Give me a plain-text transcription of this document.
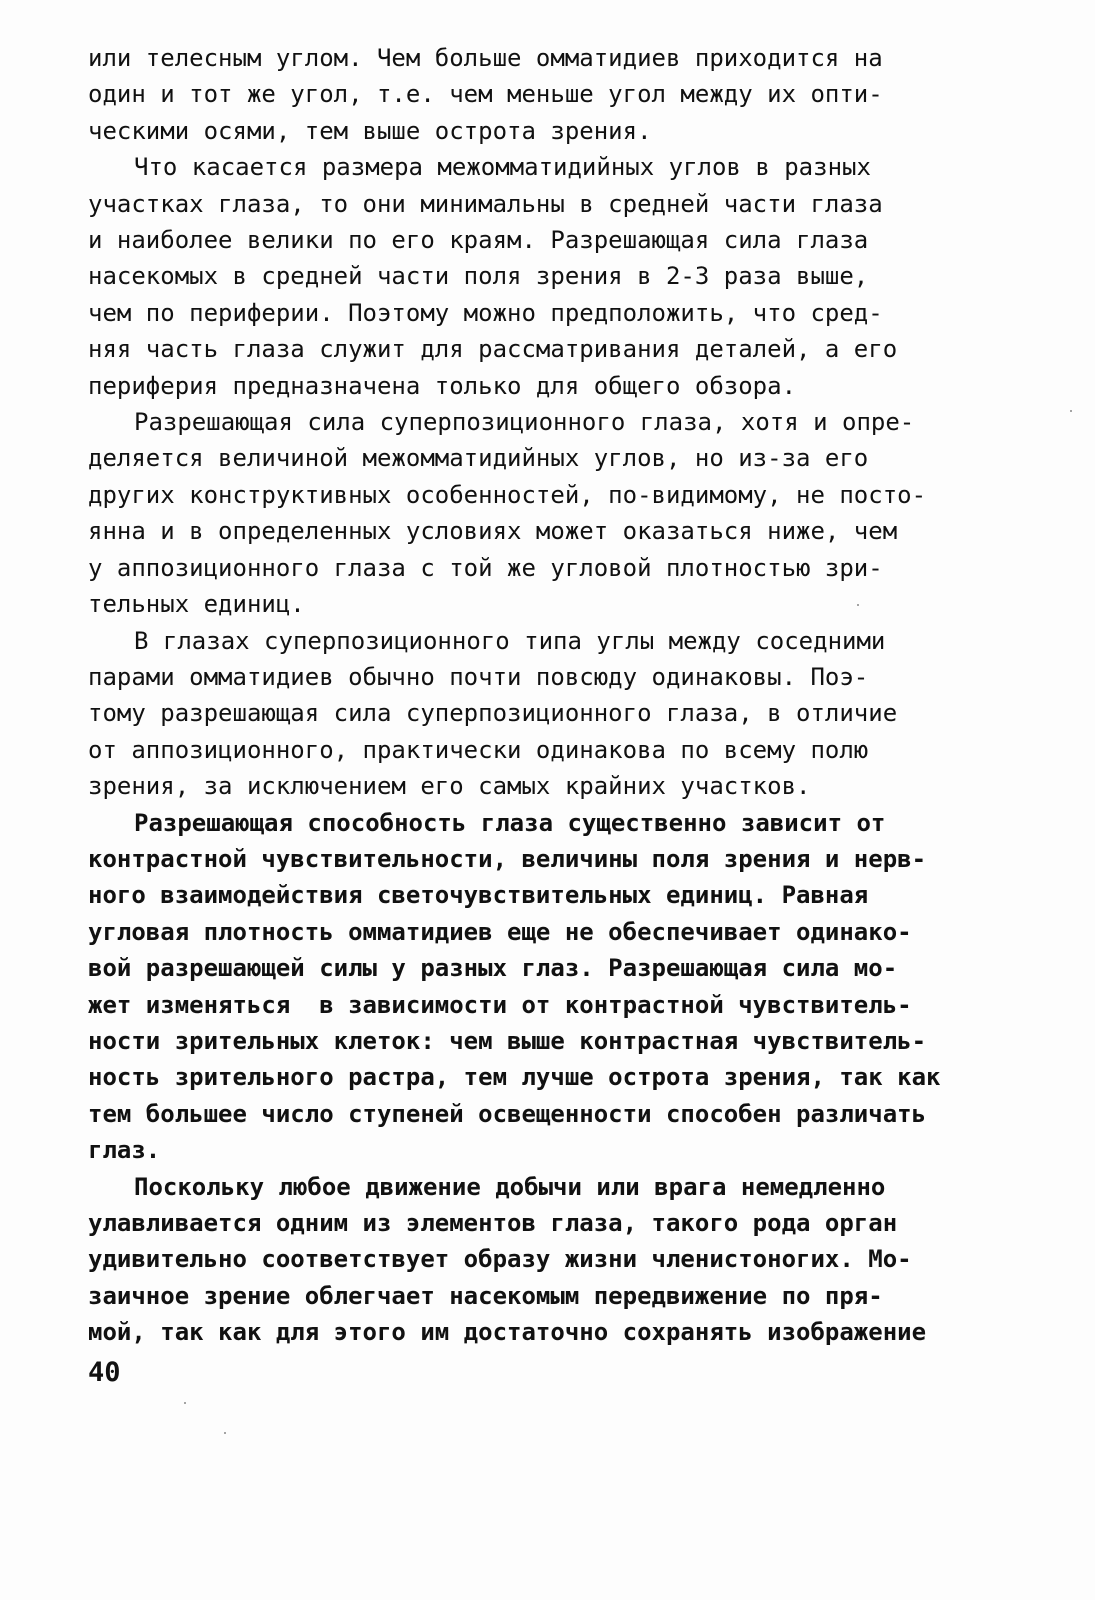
или телесным углом. Чем больше омматидиев приходится на
один и тот же угол, т.е. чем меньше угол между их опти-
ческими осями, тем выше острота зрения.
Что касается размера межомматидийных углов в разных
участках глаза, то они минимальны в средней части глаза
и наиболее велики по его краям. Разрешающая сила глаза
насекомых в средней части поля зрения в 2-3 раза выше,
чем по периферии. Поэтому можно предположить, что сред-
няя часть глаза служит для рассматривания деталей, а его
периферия предназначена только для общего обзора.
Разрешающая сила суперпозиционного глаза, хотя и опре-
деляется величиной межомматидийных углов, но из-за его
других конструктивных особенностей, по-видимому, не посто-
янна и в определенных условиях может оказаться ниже, чем
у аппозиционного глаза с той же угловой плотностью зри-
тельных единиц.
В глазах суперпозиционного типа углы между соседними
парами омматидиев обычно почти повсюду одинаковы. Поэ-
тому разрешающая сила суперпозиционного глаза, в отличие
от аппозиционного, практически одинакова по всему полю
зрения, за исключением его самых крайних участков.
Разрешающая способность глаза существенно зависит от
контрастной чувствительности, величины поля зрения и нерв-
ного взаимодействия светочувствительных единиц. Равная
угловая плотность омматидиев еще не обеспечивает одинако-
вой разрешающей силы у разных глаз. Разрешающая сила мо-
жет изменяться  в зависимости от контрастной чувствитель-
ности зрительных клеток: чем выше контрастная чувствитель-
ность зрительного растра, тем лучше острота зрения, так как
тем большее число ступеней освещенности способен различать
глаз.
Поскольку любое движение добычи или врага немедленно
улавливается одним из элементов глаза, такого рода орган
удивительно соответствует образу жизни членистоногих. Мо-
заичное зрение облегчает насекомым передвижение по пря-
мой, так как для этого им достаточно сохранять изображение
40
